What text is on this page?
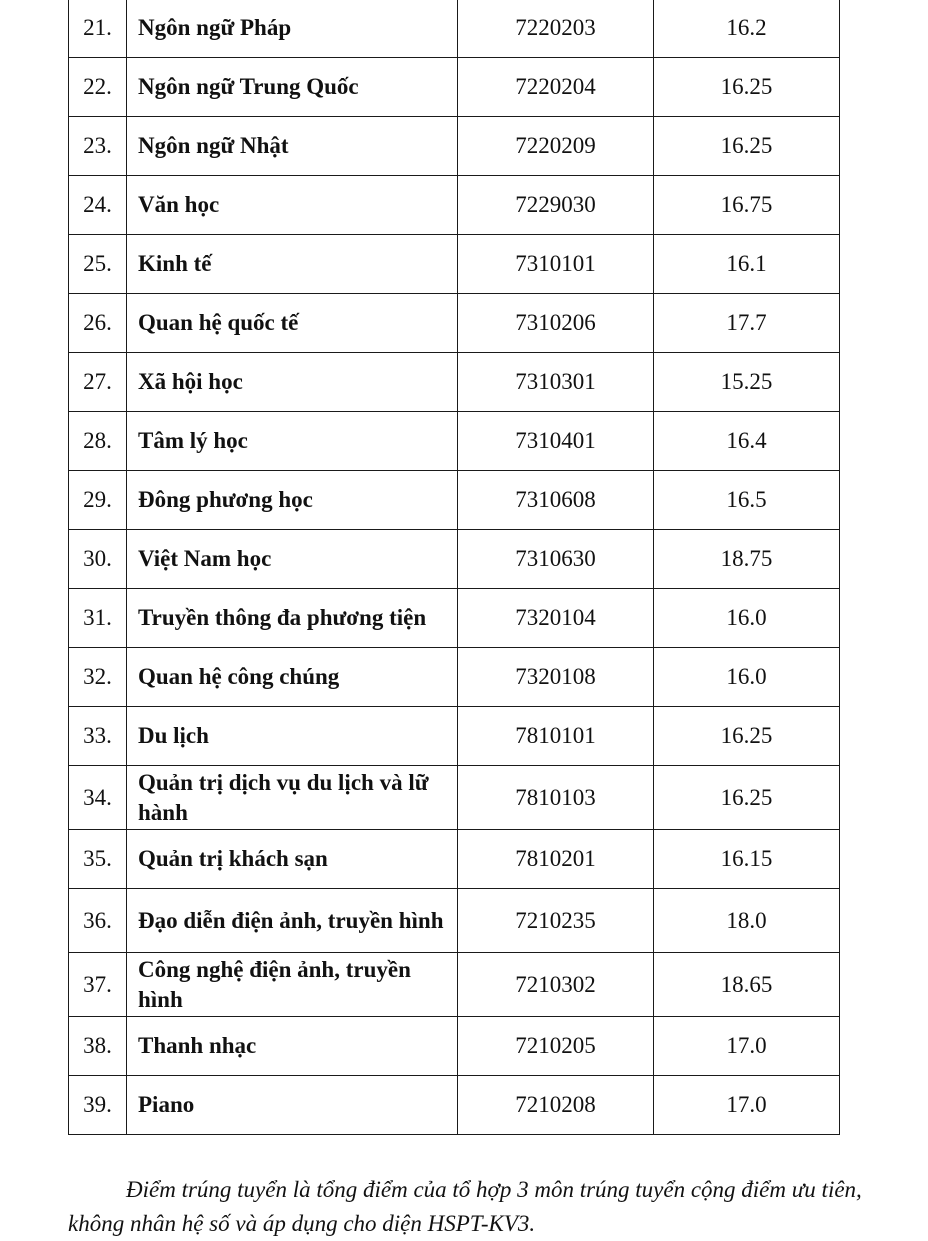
21.	Ngôn ngữ Pháp	7220203	16.2
22.	Ngôn ngữ Trung Quốc	7220204	16.25
23.	Ngôn ngữ Nhật	7220209	16.25
24.	Văn học	7229030	16.75
25.	Kinh tế	7310101	16.1
26.	Quan hệ quốc tế	7310206	17.7
27.	Xã hội học	7310301	15.25
28.	Tâm lý học	7310401	16.4
29.	Đông phương học	7310608	16.5
30.	Việt Nam học	7310630	18.75
31.	Truyền thông đa phương tiện	7320104	16.0
32.	Quan hệ công chúng	7320108	16.0
33.	Du lịch	7810101	16.25
34.	Quản trị dịch vụ du lịch và lữ hành	7810103	16.25
35.	Quản trị khách sạn	7810201	16.15
36.	Đạo diễn điện ảnh, truyền hình	7210235	18.0
37.	Công nghệ điện ảnh, truyền hình	7210302	18.65
38.	Thanh nhạc	7210205	17.0
39.	Piano	7210208	17.0

Điểm trúng tuyển là tổng điểm của tổ hợp 3 môn trúng tuyển cộng điểm ưu tiên, không nhân hệ số và áp dụng cho diện HSPT-KV3.
